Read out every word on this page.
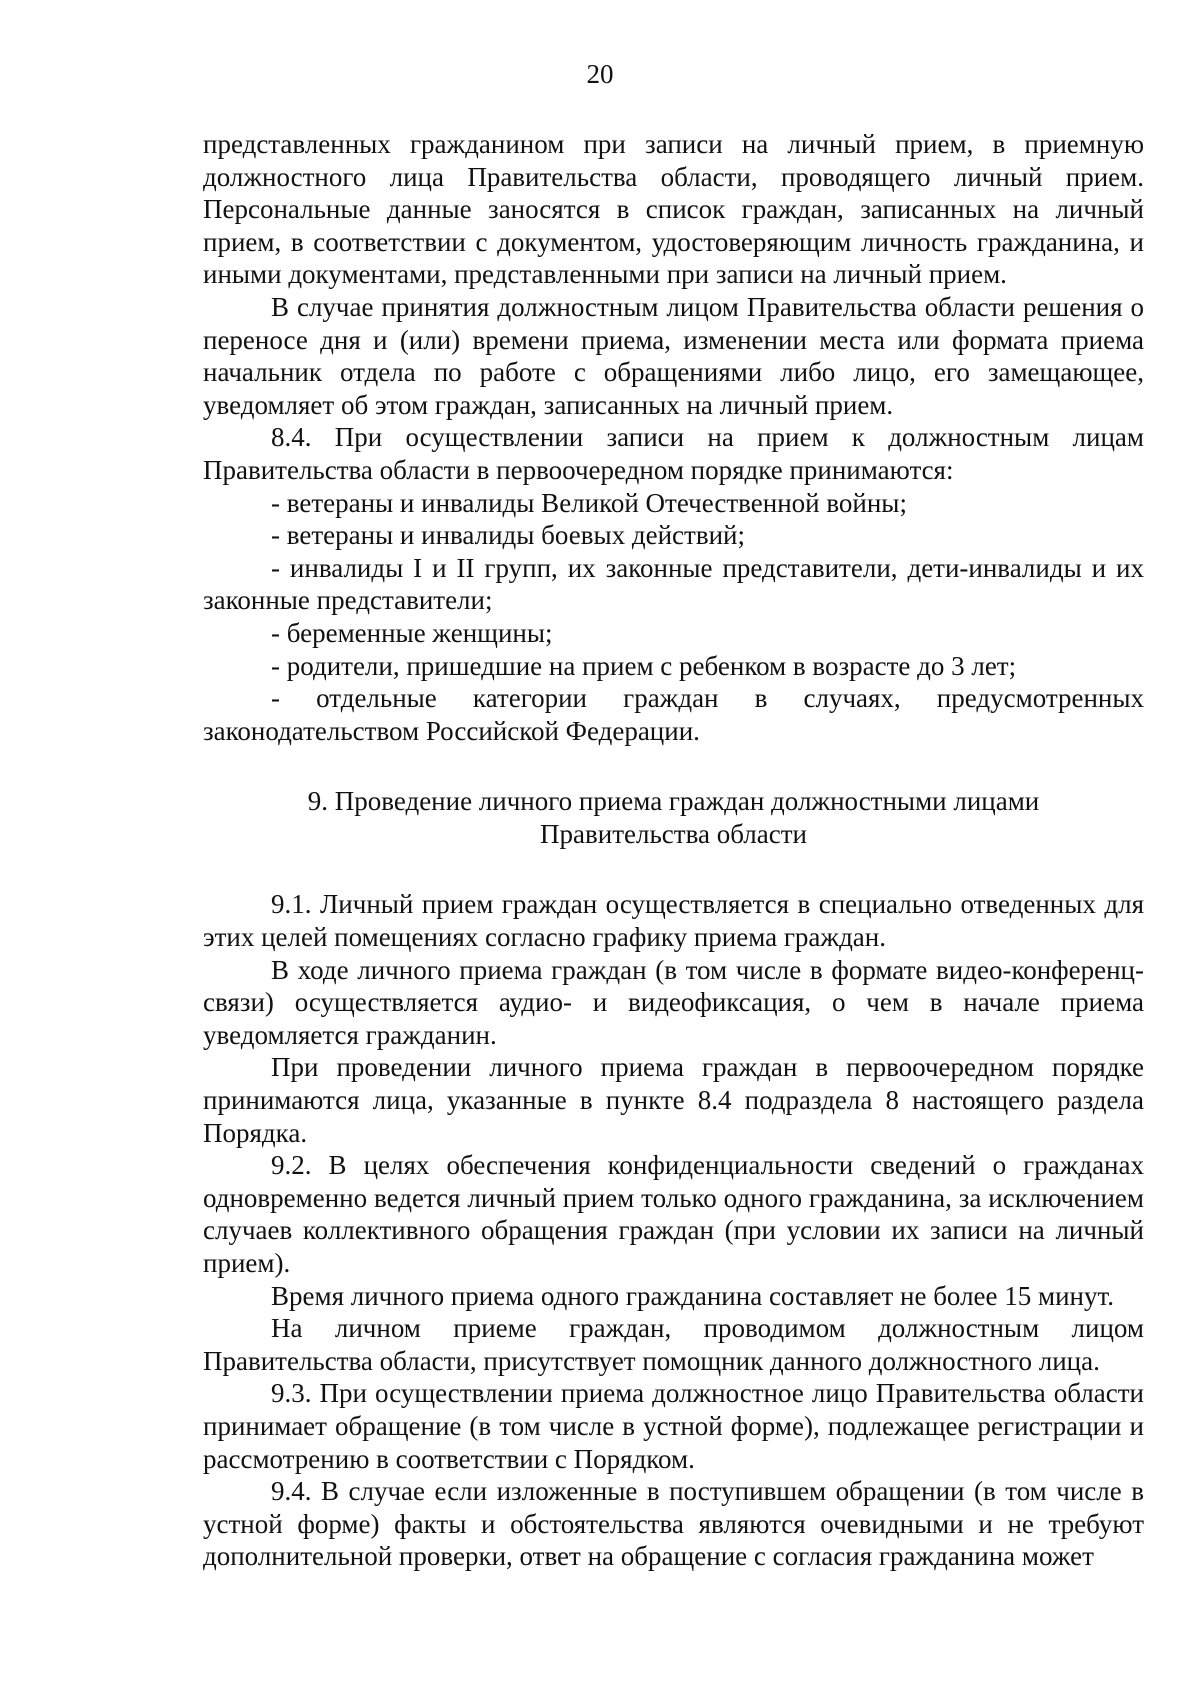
20

представленных гражданином при записи на личный прием, в приемную должностного лица Правительства области, проводящего личный прием. Персональные данные заносятся в список граждан, записанных на личный прием, в соответствии с документом, удостоверяющим личность гражданина, и иными документами, представленными при записи на личный прием.

В случае принятия должностным лицом Правительства области решения о переносе дня и (или) времени приема, изменении места или формата приема начальник отдела по работе с обращениями либо лицо, его замещающее, уведомляет об этом граждан, записанных на личный прием.

8.4. При осуществлении записи на прием к должностным лицам Правительства области в первоочередном порядке принимаются:

- ветераны и инвалиды Великой Отечественной войны;

- ветераны и инвалиды боевых действий;

- инвалиды I и II групп, их законные представители, дети-инвалиды и их законные представители;

- беременные женщины;

- родители, пришедшие на прием с ребенком в возрасте до 3 лет;

- отдельные категории граждан в случаях, предусмотренных законодательством Российской Федерации.

9. Проведение личного приема граждан должностными лицами
Правительства области

9.1. Личный прием граждан осуществляется в специально отведенных для этих целей помещениях согласно графику приема граждан.

В ходе личного приема граждан (в том числе в формате видео-конференц-связи) осуществляется аудио- и видеофиксация, о чем в начале приема уведомляется гражданин.

При проведении личного приема граждан в первоочередном порядке принимаются лица, указанные в пункте 8.4 подраздела 8 настоящего раздела Порядка.

9.2. В целях обеспечения конфиденциальности сведений о гражданах одновременно ведется личный прием только одного гражданина, за исключением случаев коллективного обращения граждан (при условии их записи на личный прием).

Время личного приема одного гражданина составляет не более 15 минут.

На личном приеме граждан, проводимом должностным лицом Правительства области, присутствует помощник данного должностного лица.

9.3. При осуществлении приема должностное лицо Правительства области принимает обращение (в том числе в устной форме), подлежащее регистрации и рассмотрению в соответствии с Порядком.

9.4. В случае если изложенные в поступившем обращении (в том числе в устной форме) факты и обстоятельства являются очевидными и не требуют дополнительной проверки, ответ на обращение с согласия гражданина может
